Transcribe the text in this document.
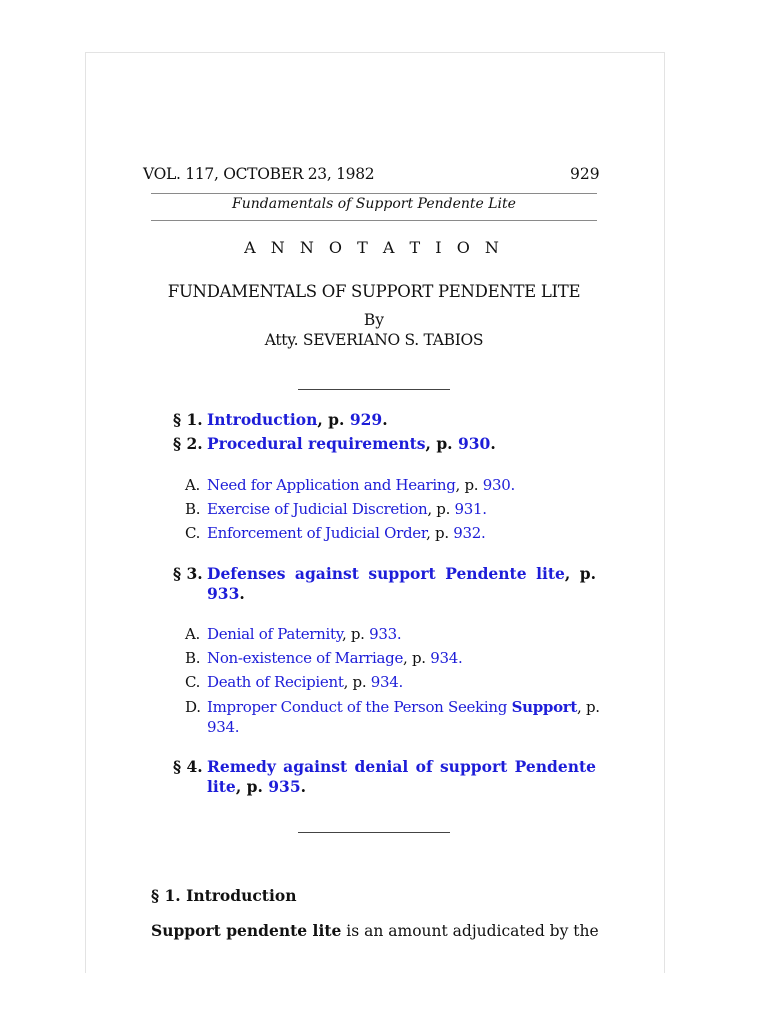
VOL. 117, OCTOBER 23, 1982	929
Fundamentals of Support Pendente Lite
A N N O T A T I O N
FUNDAMENTALS OF SUPPORT PENDENTE LITE
By
Atty. SEVERIANO S. TABIOS
§ 1. Introduction, p. 929.
§ 2. Procedural requirements, p. 930.
A. Need for Application and Hearing, p. 930.
B. Exercise of Judicial Discretion, p. 931.
C. Enforcement of Judicial Order, p. 932.
§ 3. Defenses against support Pendente lite, p. 933.
A. Denial of Paternity, p. 933.
B. Non-existence of Marriage, p. 934.
C. Death of Recipient, p. 934.
D. Improper Conduct of the Person Seeking Support, p. 934.
§ 4. Remedy against denial of support Pendente lite, p. 935.
§ 1. Introduction
Support pendente lite is an amount adjudicated by the
